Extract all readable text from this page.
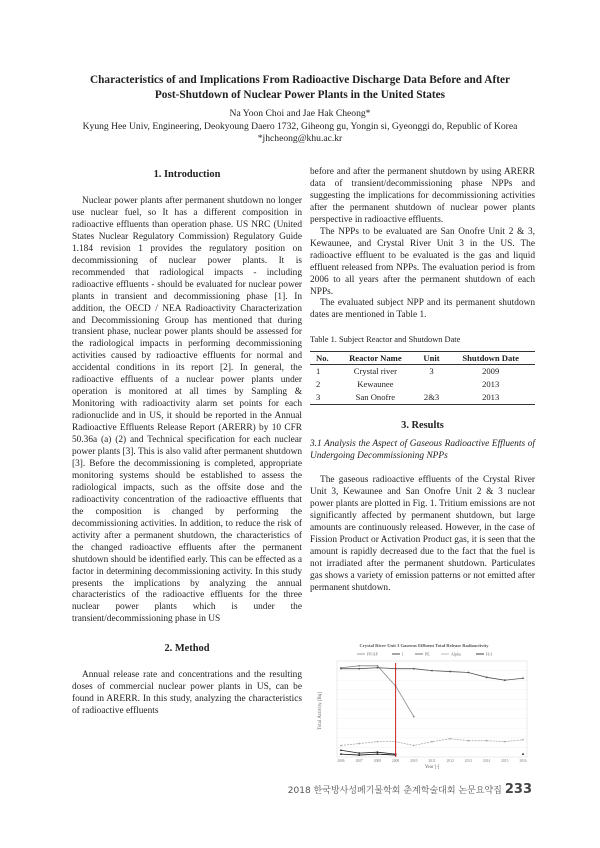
Characteristics of and Implications From Radioactive Discharge Data Before and After
Post-Shutdown of Nuclear Power Plants in the United States
Na Yoon Choi and Jae Hak Cheong*
Kyung Hee Univ, Engineering, Deokyoung Daero 1732, Giheong gu, Yongin si, Gyeonggi do, Republic of Korea
*jhcheong@khu.ac.kr
1. Introduction

Nuclear power plants after permanent shutdown no longer use nuclear fuel, so It has a different composition in radioactive effluents than operation phase. US NRC (United States Nuclear Regulatory Commission) Regulatory Guide 1.184 revision 1 provides the regulatory position on decommissioning of nuclear power plants. It is recommended that radiological impacts - including radioactive effluents - should be evaluated for nuclear power plants in transient and decommissioning phase [1]. In addition, the OECD / NEA Radioactivity Characterization and Decommissioning Group has mentioned that during transient phase, nuclear power plants should be assessed for the radiological impacts in performing decommissioning activities caused by radioactive effluents for normal and accidental conditions in its report [2]. In general, the radioactive effluents of a nuclear power plants under operation is monitored at all times by Sampling & Monitoring with radioactivity alarm set points for each radionuclide and in US, it should be reported in the Annual Radioactive Effluents Release Report (ARERR) by 10 CFR 50.36a (a) (2) and Technical specification for each nuclear power plants [3]. This is also valid after permanent shutdown [3]. Before the decommissioning is completed, appropriate monitoring systems should be established to assess the radiological impacts, such as the offsite dose and the radioactivity concentration of the radioactive effluents that the composition is changed by performing the decommissioning activities. In addition, to reduce the risk of activity after a permanent shutdown, the characteristics of the changed radioactive effluents after the permanent shutdown should be identified early. This can be effected as a factor in determining decommissioning activity. In this study presents the implications by analyzing the annual characteristics of the radioactive effluents for the three nuclear power plants which is under the transient/decommissioning phase in US

2. Method

Annual release rate and concentrations and the resulting doses of commercial nuclear power plants in US, can be found in ARERR. In this study, analyzing the characteristics of radioactive effluents

before and after the permanent shutdown by using ARERR data of transient/decommissioning phase NPPs and suggesting the implications for decommissioning activities after the permanent shutdown of nuclear power plants perspective in radioactive effluents.

The NPPs to be evaluated are San Onofre Unit 2 & 3, Kewaunee, and Crystal River Unit 3 in the US. The radioactive effluent to be evaluated is the gas and liquid effluent released from NPPs. The evaluation period is from 2006 to all years after the permanent shutdown of each NPPs.

The evaluated subject NPP and its permanent shutdown dates are mentioned in Table 1.

Table 1. Subject Reactor and Shutdown Date
No.	Reactor Name	Unit	Shutdown Date
1	Crystal river	3	2009
2	Kewaunee		2013
3	San Onofre	2&3	2013
3. Results
3.1 Analysis the Aspect of Gaseous Radioactive Effluents of Undergoing Decommissioning NPPs

The gaseous radioactive effluents of the Crystal River Unit 3, Kewaunee and San Onofre Unit 2 & 3 nuclear power plants are plotted in Fig. 1. Tritium emissions are not significantly affected by permanent shutdown, but large amounts are continuously released. However, in the case of Fission Product or Activation Product gas, it is seen that the amount is rapidly decreased due to the fact that the fuel is not irradiated after the permanent shutdown. Particulates gas shows a variety of emission patterns or not emitted after permanent shutdown.

Crystal River Unit 3 Gaseous Effluent Total Release Radioactivity
FP/AP	I	PE	Alpha	H-3
Total Activity [Bq]
Year [-]
2006	2007	2008	2009	2010	2011	2012	2013	2014	2015	2016
2018 한국방사성폐기물학회 춘계학술대회 논문요약집 233
